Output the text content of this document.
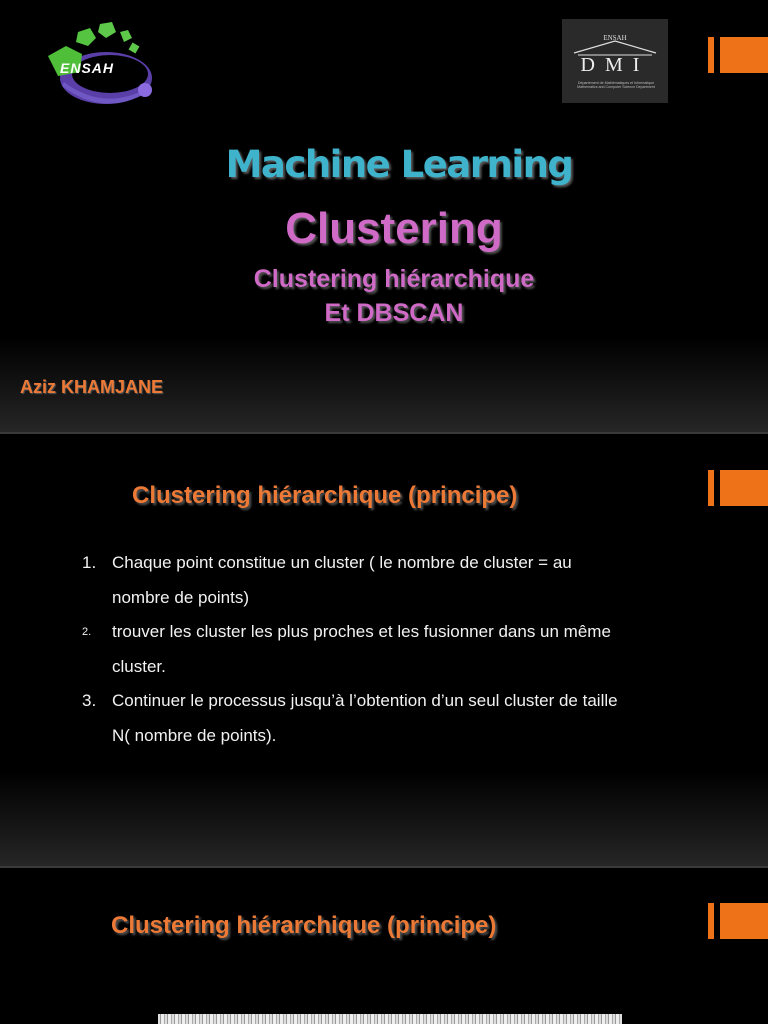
ENSAH
ENSAH
DMI
Département de Mathématiques et Informatique Mathematics and Computer Science Department
Machine Learning
Clustering
Clustering hiérarchique
Et DBSCAN
Aziz KHAMJANE
Clustering hiérarchique (principe)
1. Chaque point constitue un cluster ( le nombre de cluster = au
nombre de points)
2. trouver les cluster les plus proches et les fusionner dans un même
cluster.
3. Continuer le processus jusqu’à l’obtention d’un seul cluster de taille
N( nombre de points).
Clustering hiérarchique (principe)
